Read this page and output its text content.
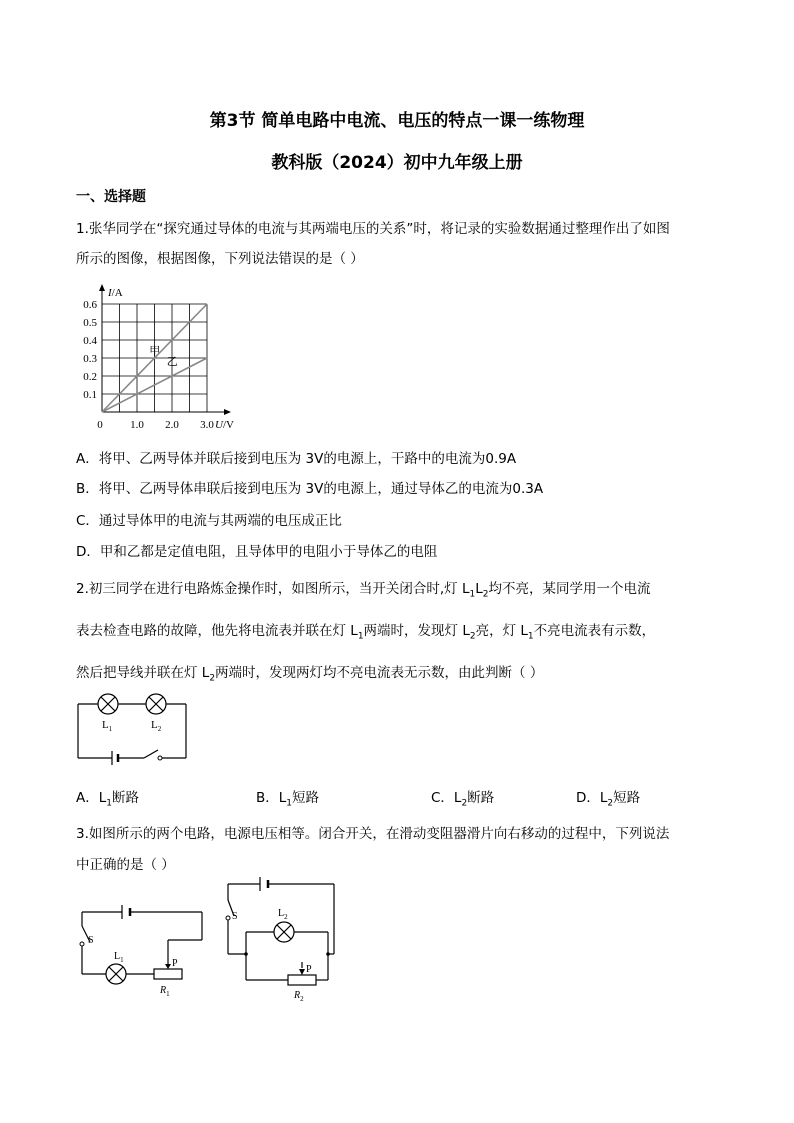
第3节 简单电路中电流、电压的特点一课一练物理
教科版（2024）初中九年级上册
一、选择题
1.张华同学在“探究通过导体的电流与其两端电压的关系”时，将记录的实验数据通过整理作出了如图
所示的图像，根据图像，下列说法错误的是（ ）
甲
乙
0.1
0.2
0.3
0.4
0.5
0.6
0 1.0 2.0 3.0
I/A
U/V
A．将甲、乙两导体并联后接到电压为 3V的电源上，干路中的电流为0.9A
B．将甲、乙两导体串联后接到电压为 3V的电源上，通过导体乙的电流为0.3A
C．通过导体甲的电流与其两端的电压成正比
D．甲和乙都是定值电阻，且导体甲的电阻小于导体乙的电阻
2.初三同学在进行电路炼金操作时，如图所示，当开关闭合时,灯 $L_1L_2$均不亮，某同学用一个电流
表去检查电路的故障，他先将电流表并联在灯 $L_1$两端时，发现灯 $L_2$亮，灯 $L_1$不亮电流表有示数，
然后把导线并联在灯 $L_2$两端时，发现两灯均不亮电流表无示数，由此判断（ ）
$L_1$	$L_2$
A．$L_1$断路	B．$L_1$短路	C．$L_2$断路	D．$L_2$短路
3.如图所示的两个电路，电源电压相等。闭合开关，在滑动变阻器滑片向右移动的过程中，下列说法
中正确的是（ ）
S
$L_1$	P
$R_1$
S	$L_2$
P
$R_2$
